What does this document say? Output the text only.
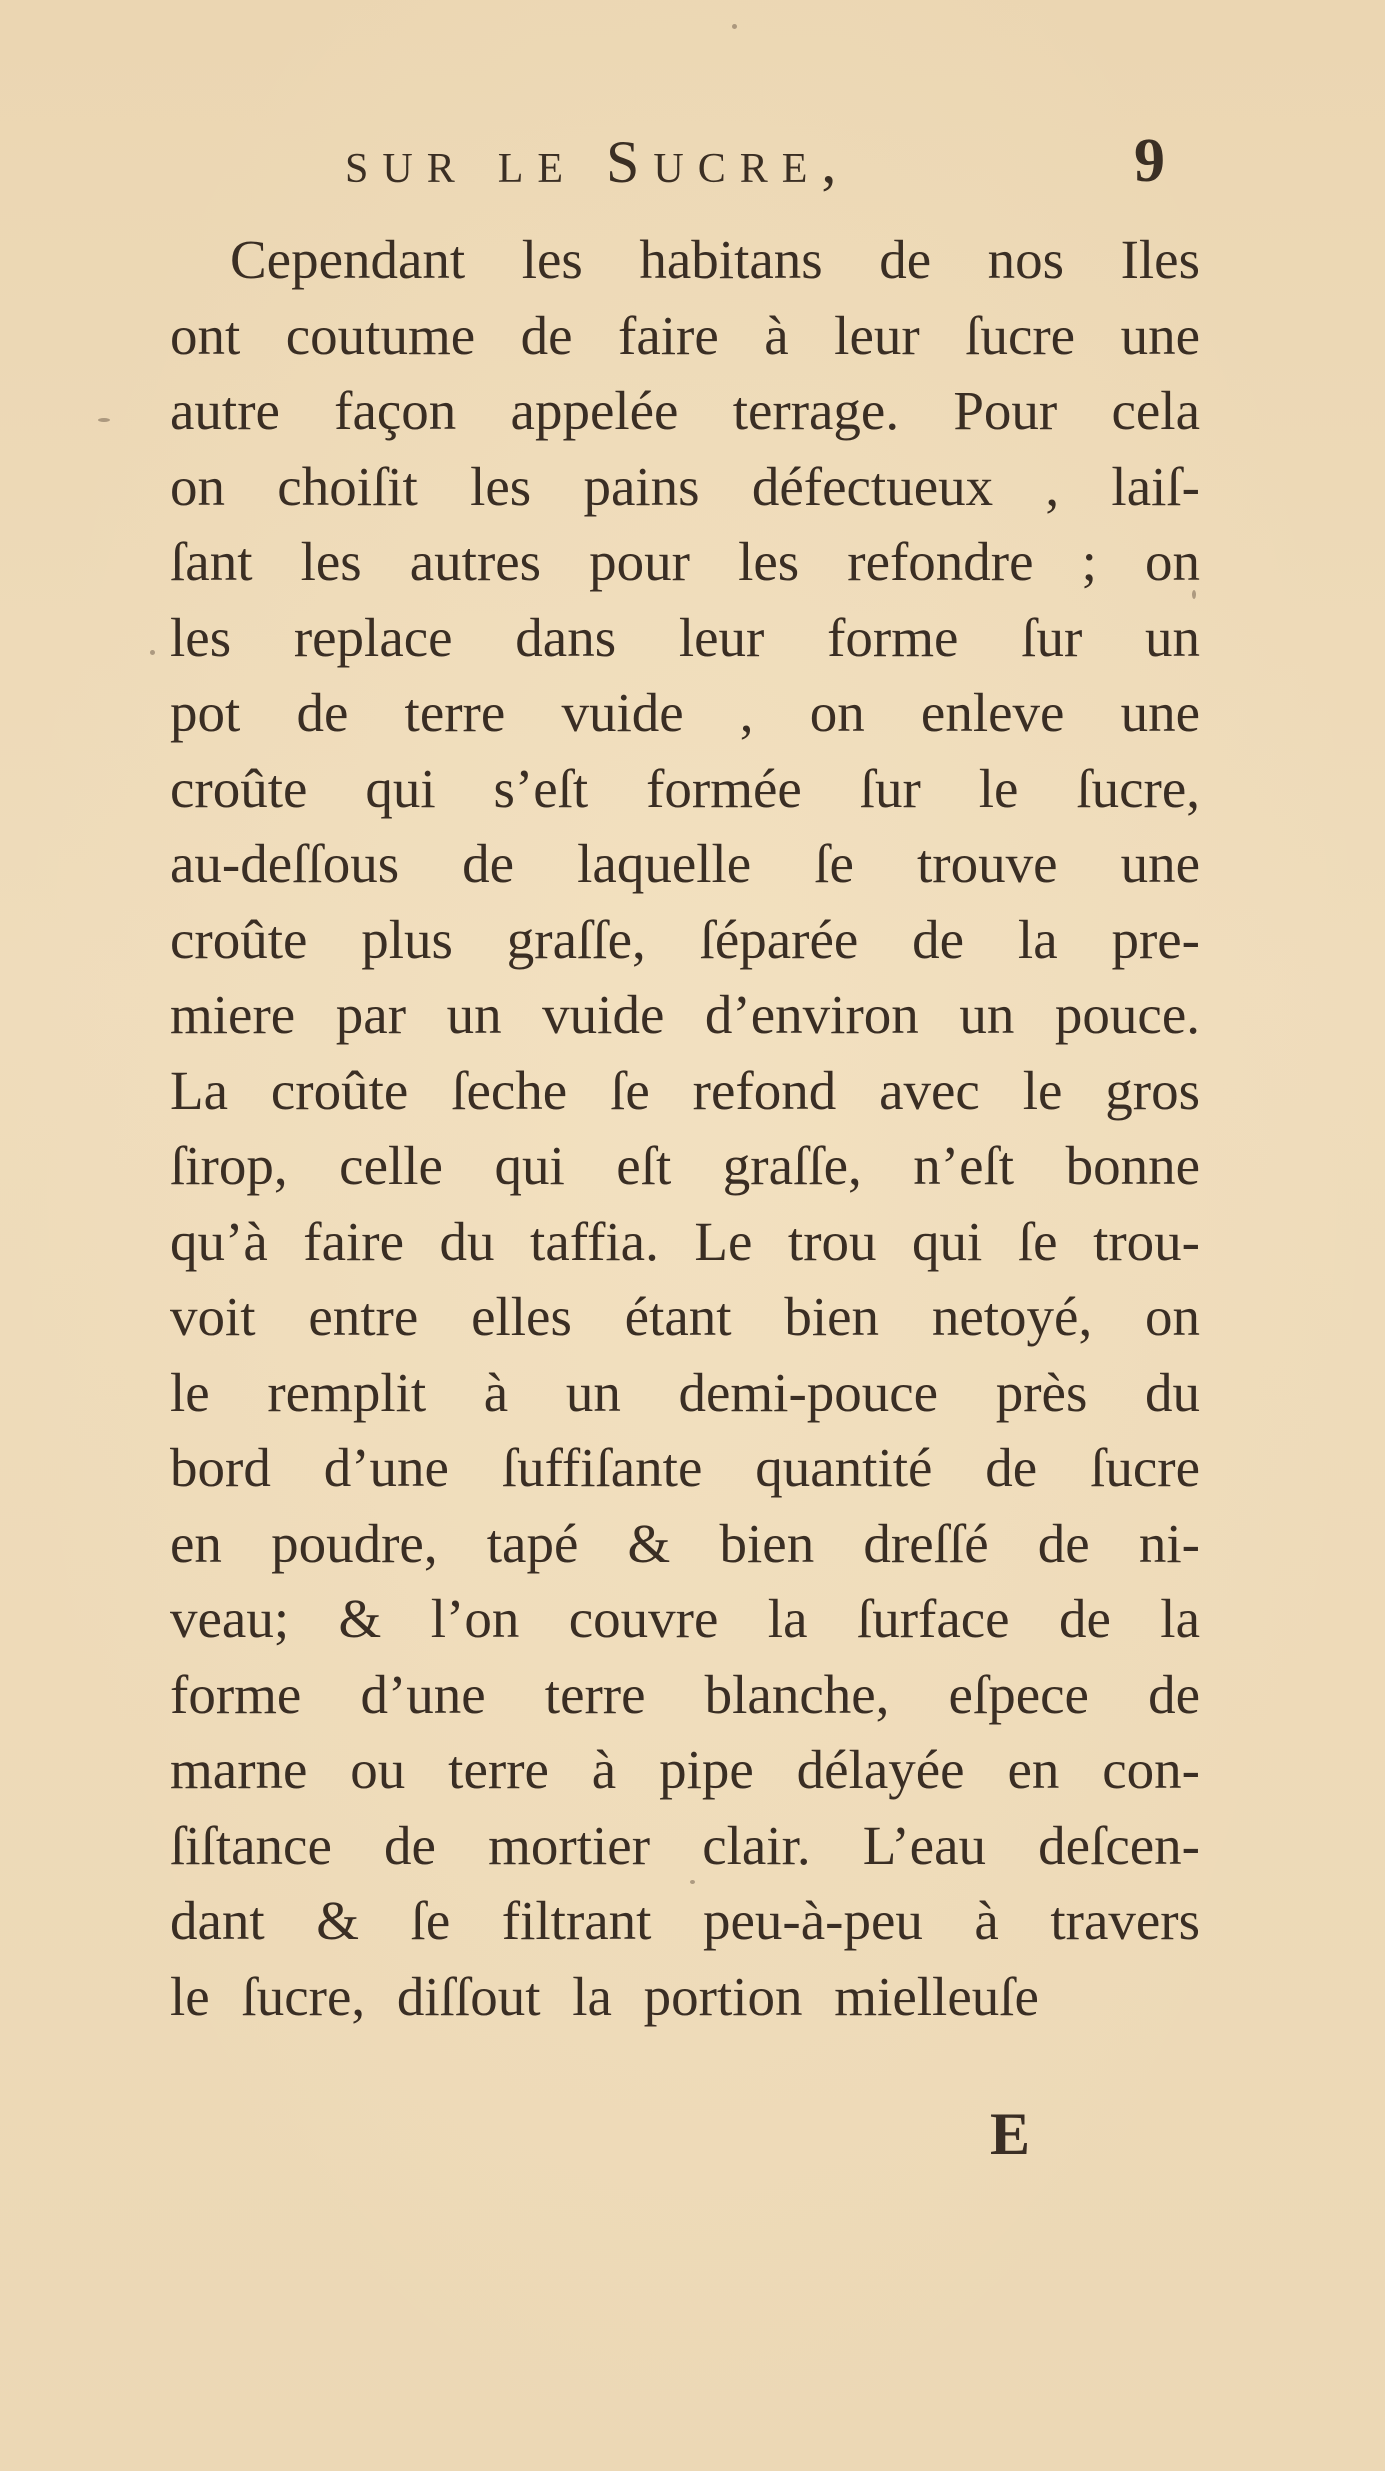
sur le Sucre,	9
Cependant les habitans de nos Iles
ont coutume de faire à leur ſucre une
autre façon appelée terrage. Pour cela
on choiſit les pains défectueux , laiſ-
ſant les autres pour les refondre ; on
les replace dans leur forme ſur un
pot de terre vuide , on enleve une
croûte qui s’eſt formée ſur le ſucre,
au-deſſous de laquelle ſe trouve une
croûte plus graſſe, ſéparée de la pre-
miere par un vuide d’environ un pouce.
La croûte ſeche ſe refond avec le gros
ſirop, celle qui eſt graſſe, n’eſt bonne
qu’à faire du taffia. Le trou qui ſe trou-
voit entre elles étant bien netoyé, on
le remplit à un demi-pouce près du
bord d’une ſuffiſante quantité de ſucre
en poudre, tapé & bien dreſſé de ni-
veau; & l’on couvre la ſurface de la
forme d’une terre blanche, eſpece de
marne ou terre à pipe délayée en con-
ſiſtance de mortier clair. L’eau deſcen-
dant & ſe filtrant peu-à-peu à travers
le ſucre, diſſout la portion mielleuſe
E
